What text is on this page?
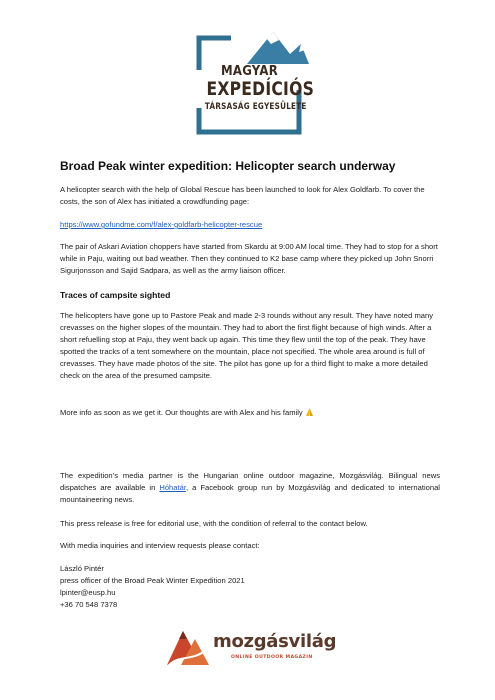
MAGYAR
EXPEDÍCIÓS
TÁRSASÁG EGYESÜLETE
Broad Peak winter expedition: Helicopter search underway

A helicopter search with the help of Global Rescue has been launched to look for Alex Goldfarb. To cover the costs, the son of Alex has initiated a crowdfunding page:

https://www.gofundme.com/f/alex-goldfarb-helicopter-rescue

The pair of Askari Aviation choppers have started from Skardu at 9:00 AM local time. They had to stop for a short while in Paju, waiting out bad weather. Then they continued to K2 base camp where they picked up John Snorri Sigurjonsson and Sajid Sadpara, as well as the army liaison officer.

Traces of campsite sighted

The helicopters have gone up to Pastore Peak and made 2-3 rounds without any result. They have noted many crevasses on the higher slopes of the mountain. They had to abort the first flight because of high winds. After a short refuelling stop at Paju, they went back up again. This time they flew until the top of the peak. They have spotted the tracks of a tent somewhere on the mountain, place not specified. The whole area around is full of crevasses. They have made photos of the site. The pilot has gone up for a third flight to make a more detailed check on the area of the presumed campsite.

More info as soon as we get it. Our thoughts are with Alex and his family

The expedition’s media partner is the Hungarian online outdoor magazine, Mozgásvilág. Bilingual news dispatches are available in Hóhatár, a Facebook group run by Mozgásvilág and dedicated to international mountaineering news.

This press release is free for editorial use, with the condition of referral to the contact below.

With media inquiries and interview requests please contact:

László Pintér

press officer of the Broad Peak Winter Expedition 2021

lpinter@eusp.hu

+36 70 548 7378

mozgásvilág
ONLINE OUTDOOR MAGAZIN
